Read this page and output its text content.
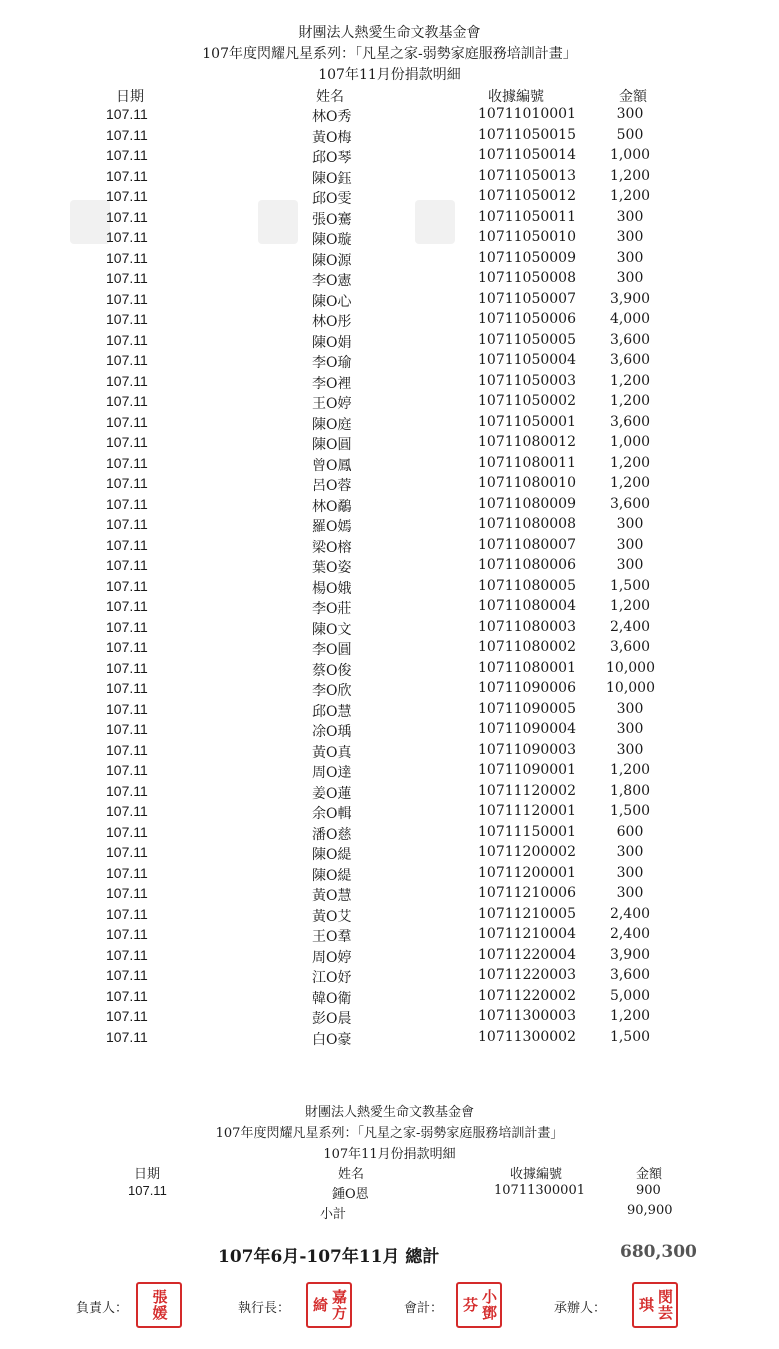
財團法人熱愛生命文教基金會
107年度閃耀凡星系列：「凡星之家-弱勢家庭服務培訓計畫」
107年11月份捐款明細
日期	姓名	收據編號	金額
107.11	林O秀	10711010001	300
107.11	黃O梅	10711050015	500
107.11	邱O琴	10711050014 1,000
107.11	陳O鈺	10711050013 1,200
107.11	邱O雯	10711050012 1,200
107.11	張O騫	10711050011	300
107.11	陳O璇	10711050010	300
107.11	陳O源	10711050009	300
107.11	李O憲	10711050008	300
107.11	陳O心	10711050007 3,900
107.11	林O彤	10711050006 4,000
107.11	陳O娟	10711050005 3,600
107.11	李O瑜	10711050004 3,600
107.11	李O裡	10711050003 1,200
107.11	王O婷	10711050002 1,200
107.11	陳O庭	10711050001 3,600
107.11	陳O圓	10711080012 1,000
107.11	曾O鳳	10711080011 1,200
107.11	呂O蓉	10711080010 1,200
107.11	林O鷸	10711080009 3,600
107.11	羅O嫣	10711080008	300
107.11	梁O榕	10711080007	300
107.11	葉O姿	10711080006	300
107.11	楊O娥	10711080005 1,500
107.11	李O莊	10711080004 1,200
107.11	陳O文	10711080003 2,400
107.11	李O圓	10711080002 3,600
107.11	蔡O俊	10711080001 10,000
107.11	李O欣	10711090006 10,000
107.11	邱O慧	10711090005	300
107.11	凃O瑀	10711090004	300
107.11	黃O真	10711090003	300
107.11	周O達	10711090001 1,200
107.11	姜O蓮	10711120002 1,800
107.11	余O輯	10711120001 1,500
107.11	潘O慈	10711150001	600
107.11	陳O緹	10711200002	300
107.11	陳O緹	10711200001	300
107.11	黃O慧	10711210006	300
107.11	黃O艾	10711210005 2,400
107.11	王O羣	10711210004 2,400
107.11	周O婷	10711220004 3,900
107.11	江O妤	10711220003 3,600
107.11	韓O衛	10711220002 5,000
107.11	彭O晨	10711300003 1,200
107.11	白O豪	10711300002 1,500
財團法人熱愛生命文教基金會
107年度閃耀凡星系列：「凡星之家-弱勢家庭服務培訓計畫」
107年11月份捐款明細
日期	姓名	收據編號	金額
107.11	鍾O恩	10711300001	900
小計	90,900
107年6月-107年11月 總計	680,300
負責人：	張媛	執行長：	嘉方綺	會計：	小鄧芬	承辦人：	閔芸琪
